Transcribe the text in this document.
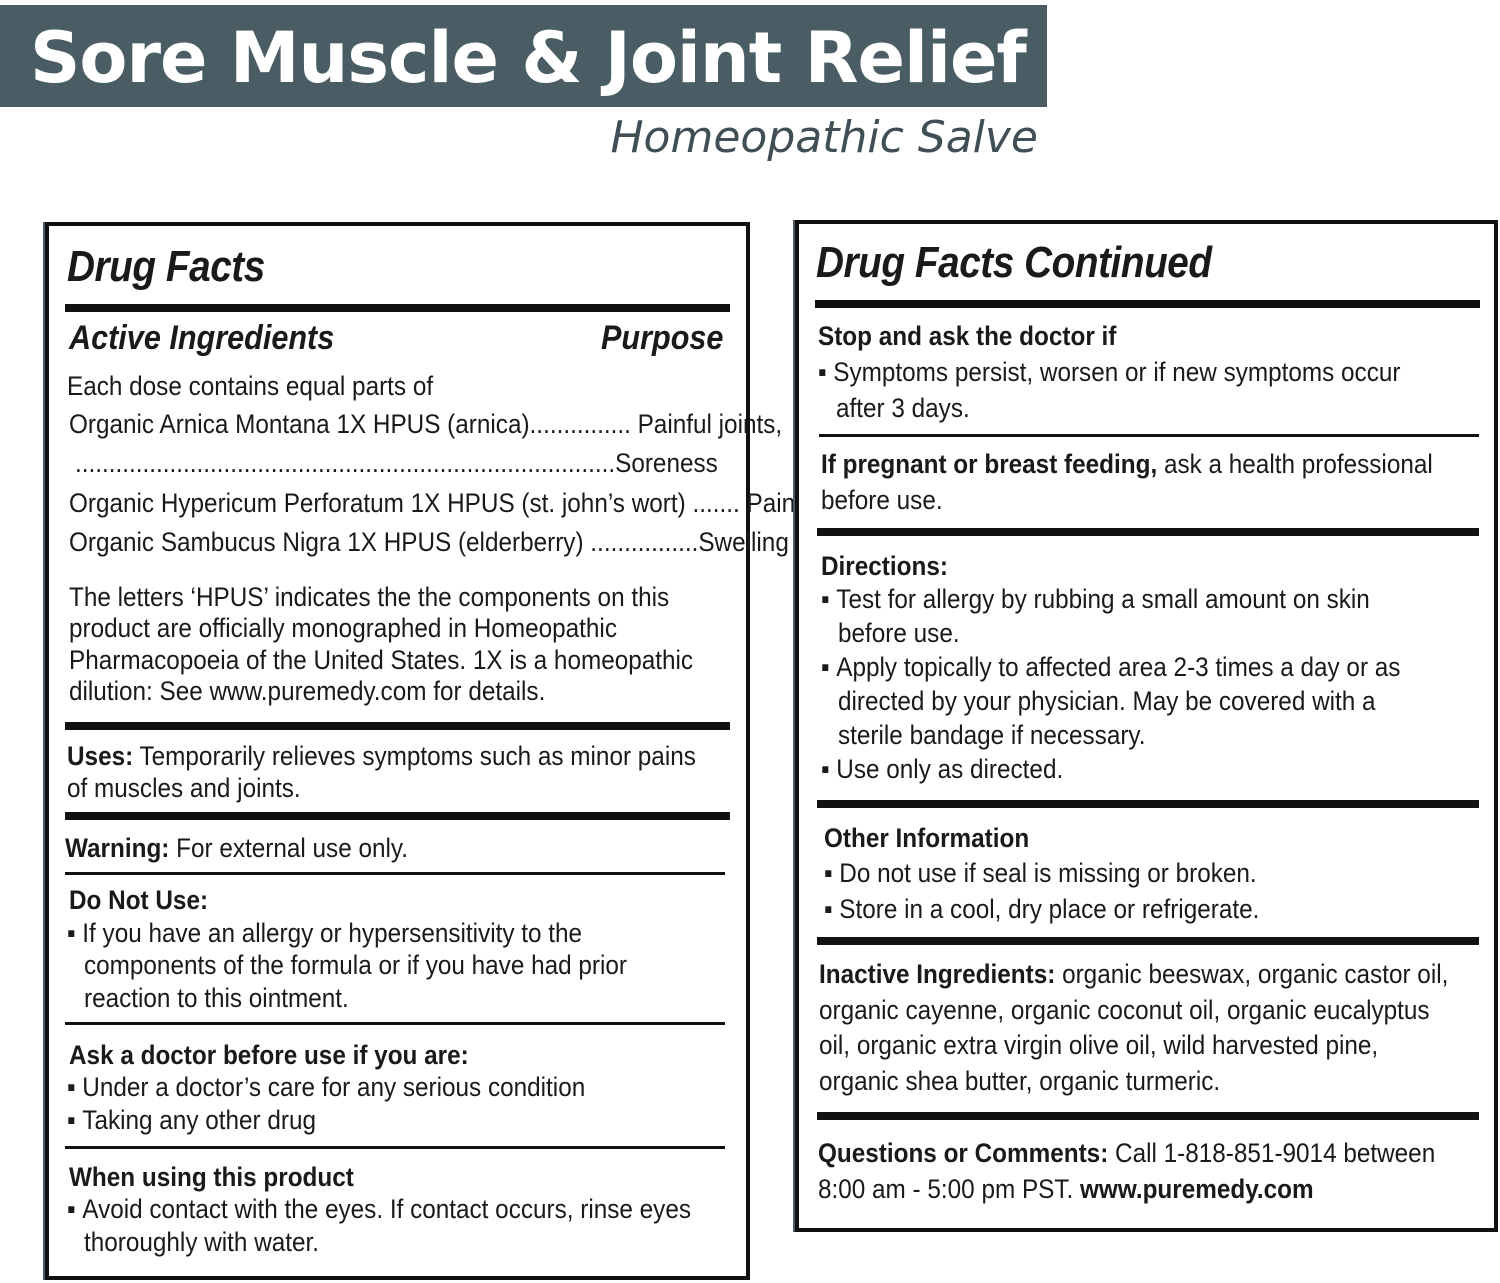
Sore Muscle & Joint Relief
Homeopathic Salve
Drug Facts
Active Ingredients	Purpose
Each dose contains equal parts of
Organic Arnica Montana 1X HPUS (arnica)............... Painful joints,
................................................................................Soreness
Organic Hypericum Perforatum 1X HPUS (st. john’s wort) ....... Pain
Organic Sambucus Nigra 1X HPUS (elderberry) ................Swelling
The letters ‘HPUS’ indicates the the components on this
product are officially monographed in Homeopathic
Pharmacopoeia of the United States. 1X is a homeopathic
dilution: See www.puremedy.com for details.
Uses: Temporarily relieves symptoms such as minor pains
of muscles and joints.
Warning: For external use only.
Do Not Use:
▪ If you have an allergy or hypersensitivity to the
components of the formula or if you have had prior
reaction to this ointment.
Ask a doctor before use if you are:
▪ Under a doctor’s care for any serious condition
▪ Taking any other drug
When using this product
▪ Avoid contact with the eyes. If contact occurs, rinse eyes
thoroughly with water.
Drug Facts Continued
Stop and ask the doctor if
▪ Symptoms persist, worsen or if new symptoms occur
after 3 days.
If pregnant or breast feeding, ask a health professional
before use.
Directions:
▪ Test for allergy by rubbing a small amount on skin
before use.
▪ Apply topically to affected area 2-3 times a day or as
directed by your physician. May be covered with a
sterile bandage if necessary.
▪ Use only as directed.
Other Information
▪ Do not use if seal is missing or broken.
▪ Store in a cool, dry place or refrigerate.
Inactive Ingredients: organic beeswax, organic castor oil,
organic cayenne, organic coconut oil, organic eucalyptus
oil, organic extra virgin olive oil, wild harvested pine,
organic shea butter, organic turmeric.
Questions or Comments: Call 1-818-851-9014 between
8:00 am - 5:00 pm PST. www.puremedy.com
